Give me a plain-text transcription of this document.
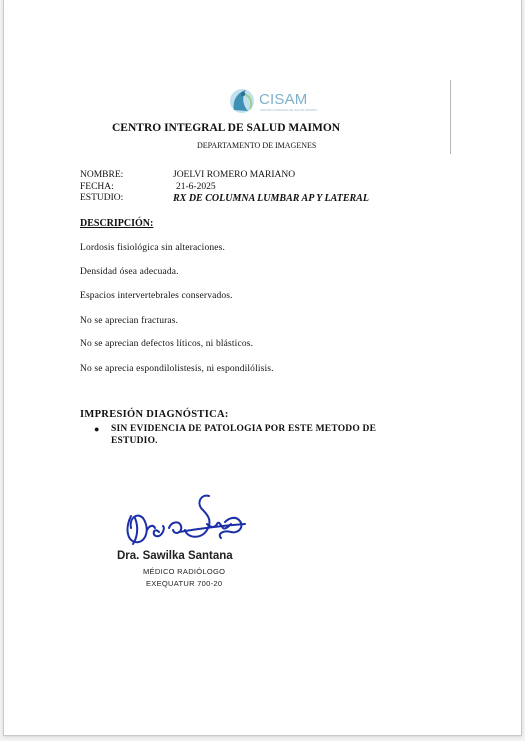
CISAM
CENTRO INTEGRAL DE SALUD MAIMON
CENTRO INTEGRAL DE SALUD MAIMON
DEPARTAMENTO DE IMAGENES
NOMBRE:	JOELVI ROMERO MARIANO
FECHA:	21-6-2025
ESTUDIO:	RX DE COLUMNA LUMBAR AP Y LATERAL
DESCRIPCIÓN:
Lordosis fisiológica sin alteraciones.
Densidad ósea adecuada.
Espacios intervertebrales conservados.
No se aprecian fracturas.
No se aprecian defectos líticos, ni blásticos.
No se aprecia espondilolistesis, ni espondilólisis.
IMPRESIÓN DIAGNÓSTICA:
● SIN EVIDENCIA DE PATOLOGIA POR ESTE METODO DE ESTUDIO.
Dra. Sawilka Santana
MÉDICO RADIÓLOGO
EXEQUATUR 700-20
